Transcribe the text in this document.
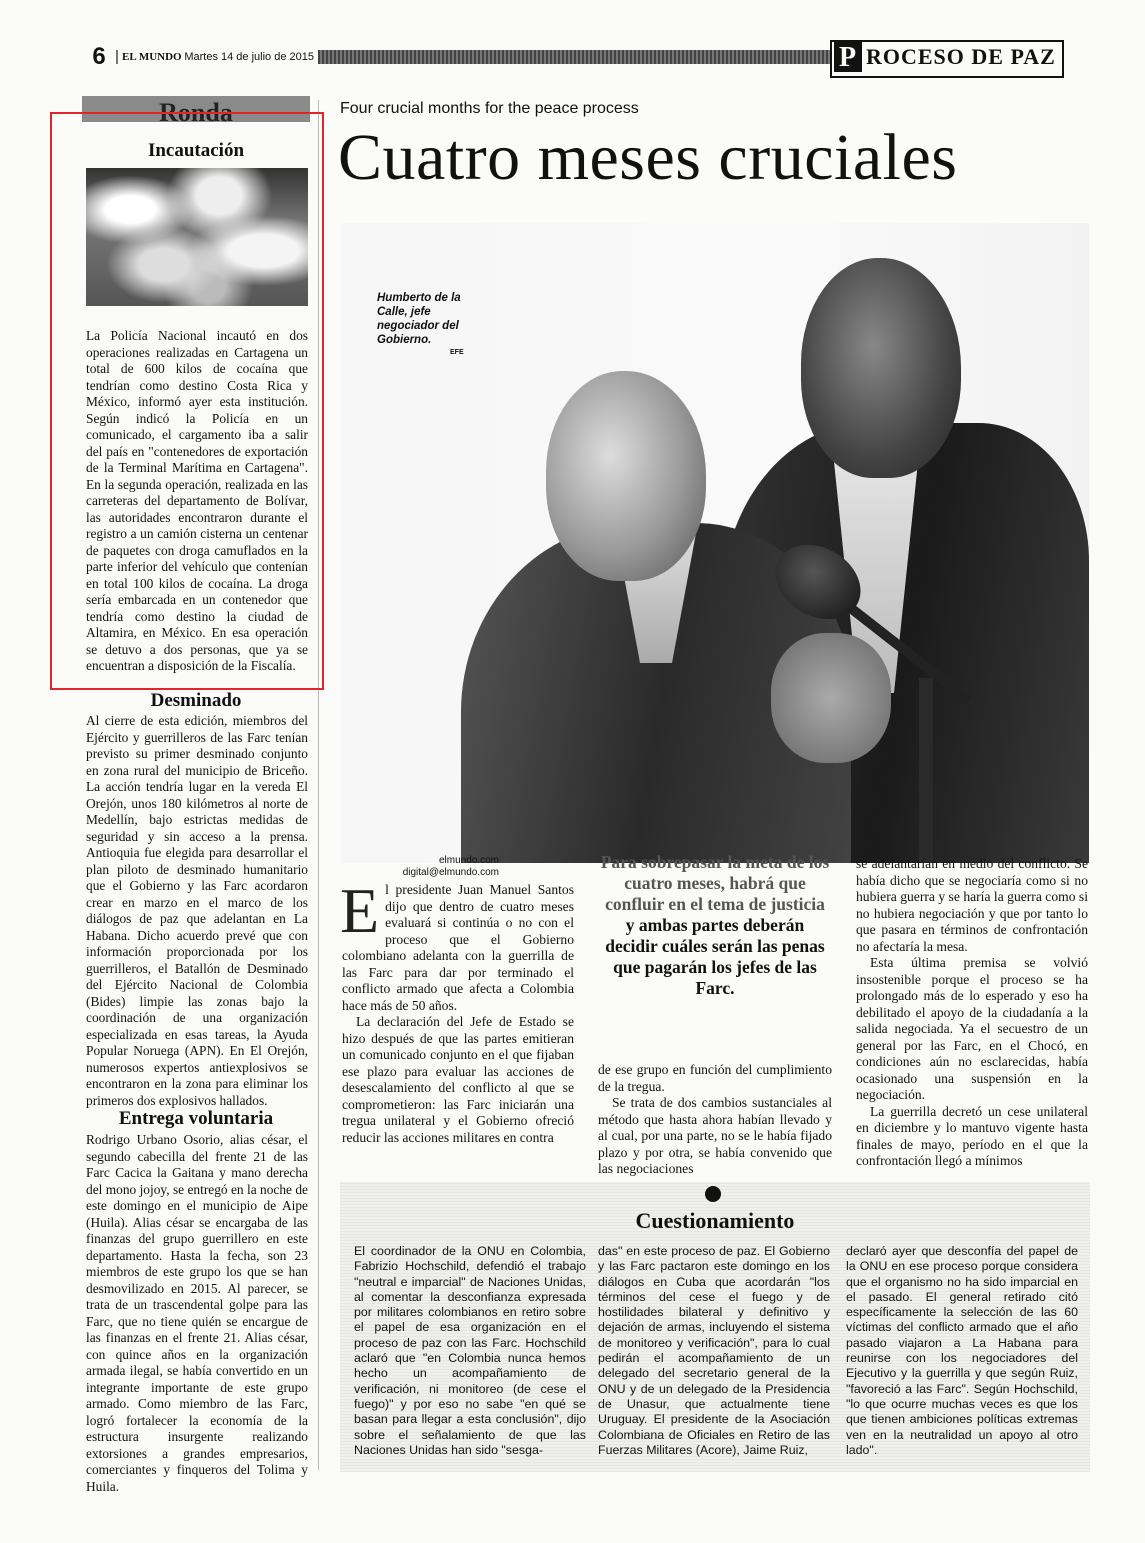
6	EL MUNDO Martes 14 de julio de 2015	P ROCESO DE PAZ
Ronda
Incautación
La Policía Nacional incautó en dos operaciones realizadas en Cartagena un total de 600 kilos de cocaína que tendrían como destino Costa Rica y México, informó ayer esta institución. Según indicó la Policía en un comunicado, el cargamento iba a salir del país en "contenedores de exportación de la Terminal Marítima en Cartagena". En la segunda operación, realizada en las carreteras del departamento de Bolívar, las autoridades encontraron durante el registro a un camión cisterna un centenar de paquetes con droga camuflados en la parte inferior del vehículo que contenían en total 100 kilos de cocaína. La droga sería embarcada en un contenedor que tendría como destino la ciudad de Altamira, en México. En esa operación se detuvo a dos personas, que ya se encuentran a disposición de la Fiscalía.
Desminado
Al cierre de esta edición, miembros del Ejército y guerrilleros de las Farc tenían previsto su primer desminado conjunto en zona rural del municipio de Briceño. La acción tendría lugar en la vereda El Orejón, unos 180 kilómetros al norte de Medellín, bajo estrictas medidas de seguridad y sin acceso a la prensa. Antioquia fue elegida para desarrollar el plan piloto de desminado humanitario que el Gobierno y las Farc acordaron crear en marzo en el marco de los diálogos de paz que adelantan en La Habana. Dicho acuerdo prevé que con información proporcionada por los guerrilleros, el Batallón de Desminado del Ejército Nacional de Colombia (Bides) limpie las zonas bajo la coordinación de una organización especializada en esas tareas, la Ayuda Popular Noruega (APN). En El Orejón, numerosos expertos antiexplosivos se encontraron en la zona para eliminar los primeros dos explosivos hallados.
Entrega voluntaria
Rodrigo Urbano Osorio, alias césar, el segundo cabecilla del frente 21 de las Farc Cacica la Gaitana y mano derecha del mono jojoy, se entregó en la noche de este domingo en el municipio de Aipe (Huila). Alias césar se encargaba de las finanzas del grupo guerrillero en este departamento. Hasta la fecha, son 23 miembros de este grupo los que se han desmovilizado en 2015. Al parecer, se trata de un trascendental golpe para las Farc, que no tiene quién se encargue de las finanzas en el frente 21. Alias césar, con quince años en la organización armada ilegal, se había convertido en un integrante importante de este grupo armado. Como miembro de las Farc, logró fortalecer la economía de la estructura insurgente realizando extorsiones a grandes empresarios, comerciantes y finqueros del Tolima y Huila.
Four crucial months for the peace process
Cuatro meses cruciales
Humberto de la Calle, jefe negociador del Gobierno.
EFE
elmundo.com
digital@elmundo.com

El presidente Juan Manuel Santos dijo que dentro de cuatro meses evaluará si continúa o no con el proceso que el Gobierno colombiano adelanta con la guerrilla de las Farc para dar por terminado el conflicto armado que afecta a Colombia hace más de 50 años.

La declaración del Jefe de Estado se hizo después de que las partes emitieran un comunicado conjunto en el que fijaban ese plazo para evaluar las acciones de desescalamiento del conflicto al que se comprometieron: las Farc iniciarán una tregua unilateral y el Gobierno ofreció reducir las acciones militares en contra

Para sobrepasar la meta de los cuatro meses, habrá que confluir en el tema de justicia y ambas partes deberán decidir cuáles serán las penas que pagarán los jefes de las Farc.

de ese grupo en función del cumplimiento de la tregua.

Se trata de dos cambios sustanciales al método que hasta ahora habían llevado y al cual, por una parte, no se le había fijado plazo y por otra, se había convenido que las negociaciones

se adelantarían en medio del conflicto. Se había dicho que se negociaría como si no hubiera guerra y se haría la guerra como si no hubiera negociación y que por tanto lo que pasara en términos de confrontación no afectaría la mesa.

Esta última premisa se volvió insostenible porque el proceso se ha prolongado más de lo esperado y eso ha debilitado el apoyo de la ciudadanía a la salida negociada. Ya el secuestro de un general por las Farc, en el Chocó, en condiciones aún no esclarecidas, había ocasionado una suspensión en la negociación.

La guerrilla decretó un cese unilateral en diciembre y lo mantuvo vigente hasta finales de mayo, período en el que la confrontación llegó a mínimos

Cuestionamiento
El coordinador de la ONU en Colombia, Fabrizio Hochschild, defendió el trabajo "neutral e imparcial" de Naciones Unidas, al comentar la desconfianza expresada por militares colombianos en retiro sobre el papel de esa organización en el proceso de paz con las Farc. Hochschild aclaró que "en Colombia nunca hemos hecho un acompañamiento de verificación, ni monitoreo (de cese el fuego)" y por eso no sabe "en qué se basan para llegar a esta conclusión", dijo sobre el señalamiento de que las Naciones Unidas han sido "sesga-
das" en este proceso de paz. El Gobierno y las Farc pactaron este domingo en los diálogos en Cuba que acordarán "los términos del cese el fuego y de hostilidades bilateral y definitivo y dejación de armas, incluyendo el sistema de monitoreo y verificación", para lo cual pedirán el acompañamiento de un delegado del secretario general de la ONU y de un delegado de la Presidencia de Unasur, que actualmente tiene Uruguay. El presidente de la Asociación Colombiana de Oficiales en Retiro de las Fuerzas Militares (Acore), Jaime Ruiz,
declaró ayer que desconfía del papel de la ONU en ese proceso porque considera que el organismo no ha sido imparcial en el pasado. El general retirado citó específicamente la selección de las 60 víctimas del conflicto armado que el año pasado viajaron a La Habana para reunirse con los negociadores del Ejecutivo y la guerrilla y que según Ruiz, "favoreció a las Farc". Según Hochschild, "lo que ocurre muchas veces es que los que tienen ambiciones políticas extremas ven en la neutralidad un apoyo al otro lado".
